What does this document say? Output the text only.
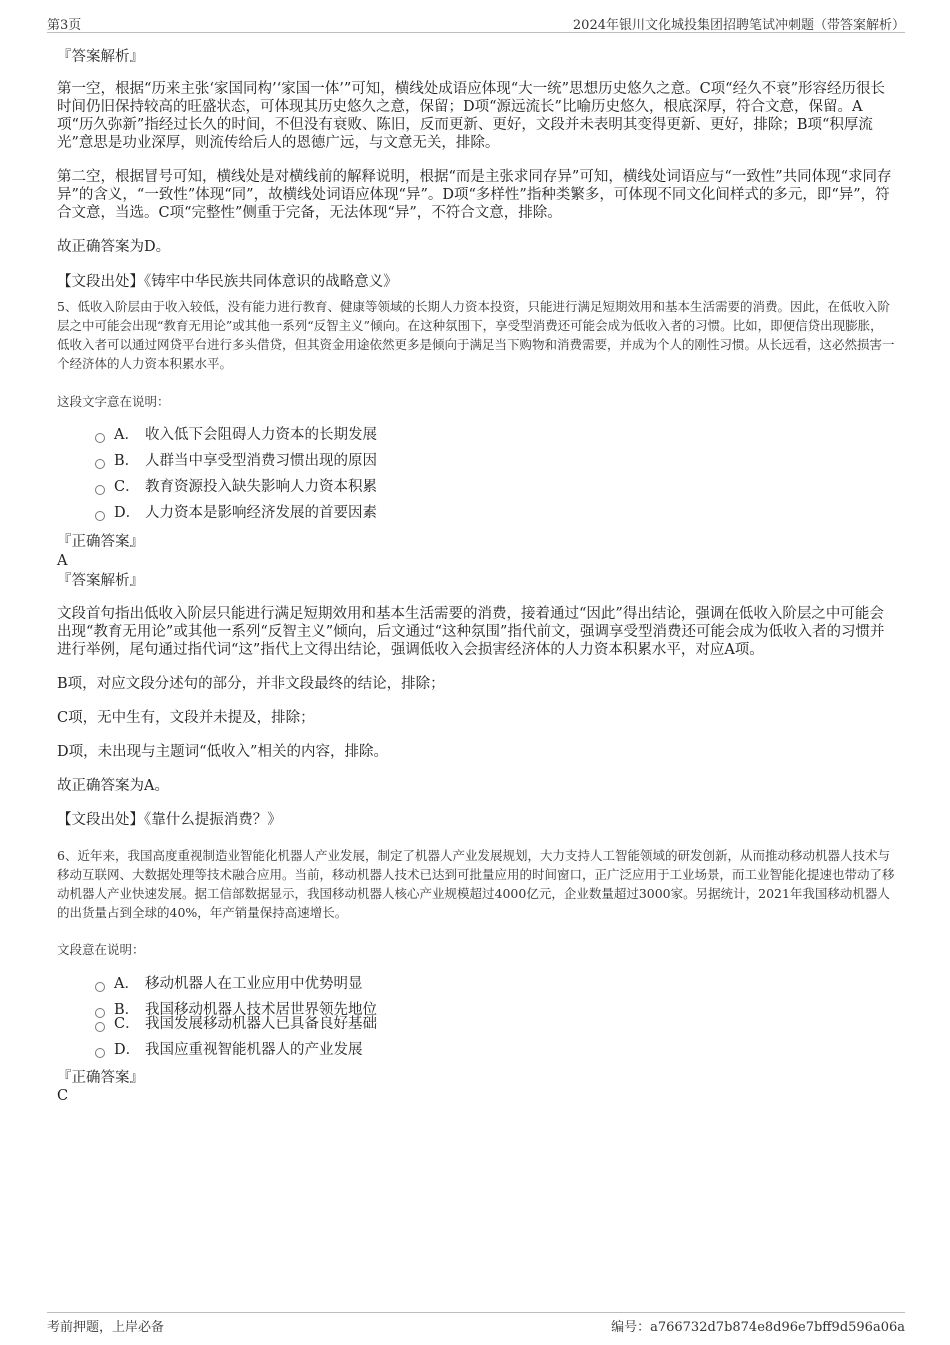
第3页	2024年银川文化城投集团招聘笔试冲刺题（带答案解析）
『答案解析』
第一空，根据“历来主张‘家国同构’‘家国一体’”可知，横线处成语应体现“大一统”思想历史悠久之意。C项“经久不衰”形容经历很长时间仍旧保持较高的旺盛状态，可体现其历史悠久之意，保留；D项“源远流长”比喻历史悠久，根底深厚，符合文意，保留。A项“历久弥新”指经过长久的时间，不但没有衰败、陈旧，反而更新、更好，文段并未表明其变得更新、更好，排除；B项“积厚流光”意思是功业深厚，则流传给后人的恩德广远，与文意无关，排除。
第二空，根据冒号可知，横线处是对横线前的解释说明，根据“而是主张求同存异”可知，横线处词语应与“一致性”共同体现“求同存异”的含义，“一致性”体现“同”，故横线处词语应体现“异”。D项“多样性”指种类繁多，可体现不同文化间样式的多元，即“异”，符合文意，当选。C项“完整性”侧重于完备，无法体现“异”，不符合文意，排除。
故正确答案为D。
【文段出处】《铸牢中华民族共同体意识的战略意义》
5、低收入阶层由于收入较低，没有能力进行教育、健康等领域的长期人力资本投资，只能进行满足短期效用和基本生活需要的消费。因此，在低收入阶层之中可能会出现“教育无用论”或其他一系列“反智主义”倾向。在这种氛围下，享受型消费还可能会成为低收入者的习惯。比如，即便信贷出现膨胀，低收入者可以通过网贷平台进行多头借贷，但其资金用途依然更多是倾向于满足当下购物和消费需要，并成为个人的刚性习惯。从长远看，这必然损害一个经济体的人力资本积累水平。
这段文字意在说明：
A． 收入低下会阻碍人力资本的长期发展
B． 人群当中享受型消费习惯出现的原因
C． 教育资源投入缺失影响人力资本积累
D． 人力资本是影响经济发展的首要因素
『正确答案』
A
『答案解析』
文段首句指出低收入阶层只能进行满足短期效用和基本生活需要的消费，接着通过“因此”得出结论，强调在低收入阶层之中可能会出现“教育无用论”或其他一系列“反智主义”倾向，后文通过“这种氛围”指代前文，强调享受型消费还可能会成为低收入者的习惯并进行举例，尾句通过指代词“这”指代上文得出结论，强调低收入会损害经济体的人力资本积累水平，对应A项。
B项，对应文段分述句的部分，并非文段最终的结论，排除；
C项，无中生有，文段并未提及，排除；
D项，未出现与主题词“低收入”相关的内容，排除。
故正确答案为A。
【文段出处】《靠什么提振消费？》
6、近年来，我国高度重视制造业智能化机器人产业发展，制定了机器人产业发展规划，大力支持人工智能领域的研发创新，从而推动移动机器人技术与移动互联网、大数据处理等技术融合应用。当前，移动机器人技术已达到可批量应用的时间窗口，正广泛应用于工业场景，而工业智能化提速也带动了移动机器人产业快速发展。据工信部数据显示，我国移动机器人核心产业规模超过4000亿元，企业数量超过3000家。另据统计，2021年我国移动机器人的出货量占到全球的40%，年产销量保持高速增长。
文段意在说明：
A． 移动机器人在工业应用中优势明显
B． 我国移动机器人技术居世界领先地位
C． 我国发展移动机器人已具备良好基础
D． 我国应重视智能机器人的产业发展
『正确答案』
C
考前押题，上岸必备	编号：a766732d7b874e8d96e7bff9d596a06a
